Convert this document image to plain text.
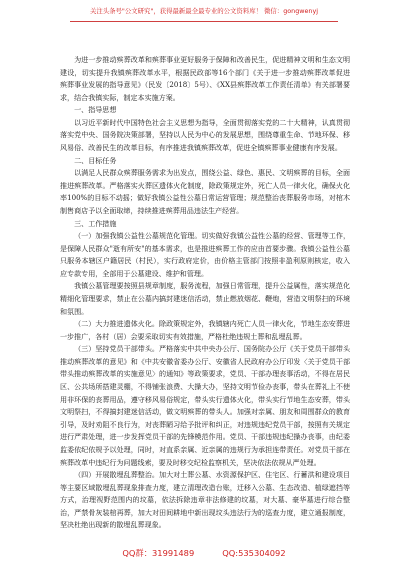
关注头条号"公文研究"，获得最新最全最专业的公文资料库！ 微信：gongwenyj

为进一步推动殡葬改革和殡葬事业更好服务于保障和改善民生，促进精神文明和生态文明建设，切实提升我镇殡葬改革水平，根据民政部等16个部门《关于进一步推动殡葬改革促进殡葬事业发展的指导意见》（民发〔2018〕5号）、《XX县殡葬改革工作责任清单》有关部署要求，结合我镇实际，制定本实施方案。

一、指导思想

以习近平新时代中国特色社会主义思想为指导，全面贯彻落实党的二十大精神，认真贯彻落实党中央、国务院决策部署，坚持以人民为中心的发展思想，围绕尊重生命、节地环保、移风易俗、改善民生的改革目标，有序推进我镇殡葬改革，促进全镇殡葬事业健康有序发展。

二、目标任务

以满足人民群众殡葬服务需求为出发点，围绕公益、绿色、惠民、文明殡葬的目标，全面推进殡葬改革。严格落实火葬区遗体火化制度，除政策规定外，死亡人员一律火化，确保火化率100%的目标不动摇；做好我镇公益性公墓日常运营管理；规范整治丧葬服务市场，对棺木制售商店予以全面取缔，持续推进殡葬用品违法生产经营。

三、工作措施

（一）加强我镇公益性公墓规范化管理。切实做好我镇公益性公墓的经营、管理等工作，是保障人民群众"逝有所安"的基本需求，也是推进殡葬工作的应由首要步骤。我镇公益性公墓只服务本辖区户籍居民（村民），实行政府定价，由价格主管部门按照非盈利原则核定，收入应专款专用，全部用于公墓建设、维护和管理。

我镇公墓管理要按照县规章制度，服务流程，加强日常管理，提升公益属性，落实规范化精细化管理要求，禁止在公墓内搞封建迷信活动，禁止燃放烟花、鞭炮，营造文明祭扫的环境和氛围。

（二）大力推进遗体火化。除政策规定外，我镇辖内死亡人员一律火化，节地生态安葬进一步推广，各村（居）会要采取切实有效措施，严格杜绝违规土葬和乱埋乱葬。

（三）坚持党员干部带头。严格落实中共中央办公厅、国务院办公厅《关于党员干部带头推动殡葬改革的意见》和《中共安徽省委办公厅、安徽省人民政府办公厅印发〈关于党员干部带头推动殡葬改革的实施意见〉的通知》等政策要求，党员、干部办理丧事活动，不得在居民区、公共场所搭建灵棚，不得铺张浪费、大操大办，坚持文明节俭办丧事，带头在葬礼上不使用非环保的丧葬用品，遵守移风易俗规定，带头实行遗体火化，带头实行节地生态安葬，带头文明祭扫，不得搞封建迷信活动，做文明殡葬的带头人。加强对亲属、朋友和周围群众的教育引导，及时劝阻不良行为，对丧葬陋习给予批评和纠正，对违规违纪党员干部，按照有关规定进行严肃处理，进一步发挥党员干部的先锋模范作用。党员、干部违规违纪操办丧事，由纪委监委依纪依规予以处理，同时，对直系亲属、近亲属的违规行为承担连带责任。对党员干部在殡葬改革中违纪行为问题线索，要及时移交纪检监察机关，坚决依法依规从严处理。

（四）开展散埋乱葬整治。加大对土葬公墓、水资源保护区、住宅区、行蓄洪和建设项目等主要区域散埋乱葬现象排查力度，建立清理改造台账，迁移入公墓、生态改造、植绿遮挡等方式，治理视野范围内的坟墓，依法拆除违章非法修建的坟墓，对大墓、豪华墓进行综合整治，严禁骨灰装棺再葬，加大对田间耕地中新出现坟头违法行为的巡查力度，建立通报制度，坚决杜绝出现新的散埋乱葬现象。

QQ群：31991489	QQ:535304092
